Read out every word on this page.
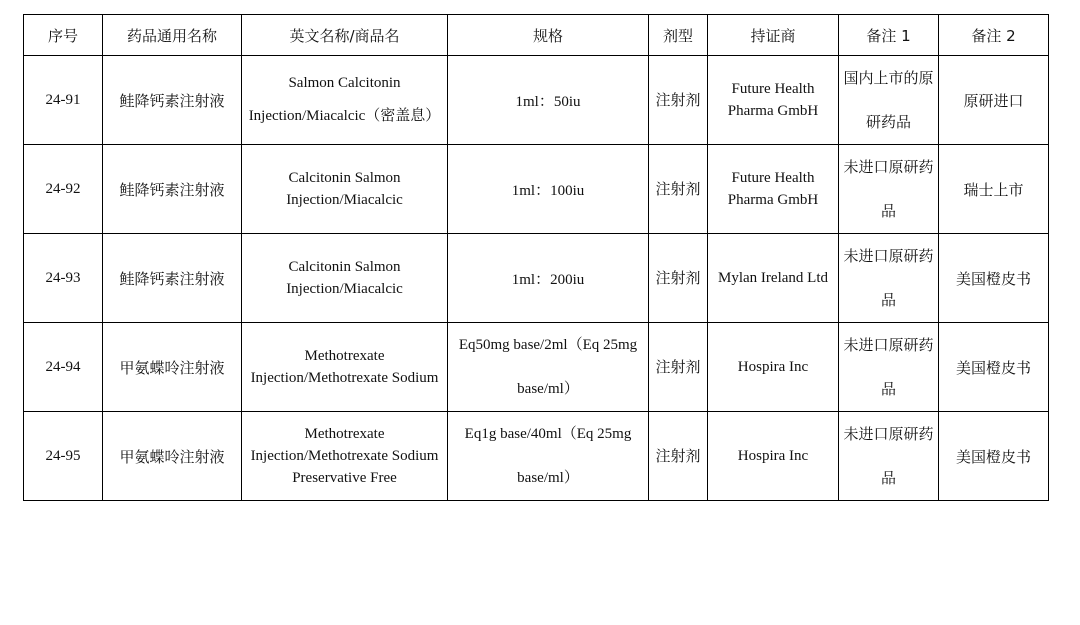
序号	药品通用名称	英文名称/商品名	规格	剂型	持证商	备注 1	备注 2
24-91	鲑降钙素注射液	Salmon Calcitonin Injection/Miacalcic（密盖息）	1ml：50iu	注射剂	Future Health Pharma GmbH	国内上市的原研药品	原研进口
24-92	鲑降钙素注射液	Calcitonin Salmon Injection/Miacalcic	1ml：100iu	注射剂	Future Health Pharma GmbH	未进口原研药品	瑞士上市
24-93	鲑降钙素注射液	Calcitonin Salmon Injection/Miacalcic	1ml：200iu	注射剂	Mylan Ireland Ltd	未进口原研药品	美国橙皮书
24-94	甲氨蝶呤注射液	Methotrexate Injection/Methotrexate Sodium	Eq50mg base/2ml（Eq 25mg base/ml）	注射剂	Hospira Inc	未进口原研药品	美国橙皮书
24-95	甲氨蝶呤注射液	Methotrexate Injection/Methotrexate Sodium Preservative Free	Eq1g base/40ml（Eq 25mg base/ml）	注射剂	Hospira Inc	未进口原研药品	美国橙皮书
